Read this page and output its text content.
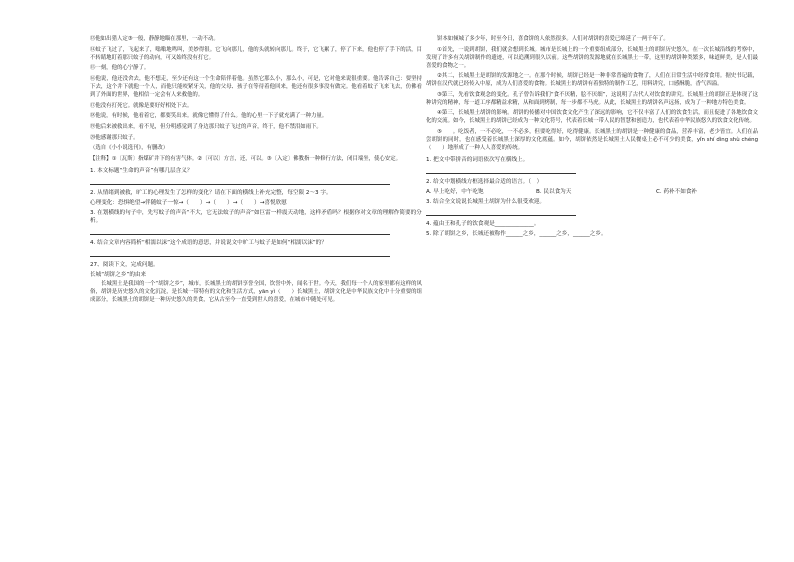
⑬他如出猎人定③一般，静静地瞄在那里，一动不动。

⑭蚊子飞过了，飞起来了，嗡嗡地鸣叫，美妙得很。它飞向那儿，他的头就转向那儿。终于，它飞累了，停了下来，他也停了手下的活，目不转睛地盯着那只蚊子的动向，可又始终没有打它。

⑮一刻，他的心宁静了。

⑯他说，他还没舍去，他不想走，至少还有这一个生命陪伴着他。虽然它那么小，那么小，可是，它对他来说很重要。他告诉自己：要坚持下去，这个井下就他一个人，而他只能咬紧牙关，他的父母、孩子在等待着他回来，他还有很多事没有做完。他看着蚊子飞来飞去，仿佛看到了外面的世界，他相信一定会有人来救他的。

⑰他没有打死它。就像是要好好相处下去。

⑱他说，有时候，他看着它，都要笑出来。就像它懂得了什么。他的心里一下子就充满了一种力量。

⑲他后来被救出来，看不见，但分明感觉到了身边那只蚊子飞过的声音，终于，他不禁泪如雨下。

⑳他感谢那只蚊子。

（选自《小小说选刊》，有删改）

【注释】①〔瓦斯〕指煤矿井下的有害气体。②〔可以〕方言，还，可以。③〔入定〕佛教指一种修行方法，闭目端坐，使心安定。

1. 本文标题“生命的声音”有哪几层含义？

2. 从情绪到被救，旷工的心理发生了怎样的变化？请在下面的横线上补充完整，每空限 2～3 字。

心理变化：恐惧绝望→伴随蚊子一惊→（　　）→（　　）→（　　）→喜悦欣慰

3. 在划横线的句子中，先写蚊子的声音“不大，它无法蚊子的声音”如巨雷一样震天动地，这样矛盾吗？根据你对文章的理解作简要的分析。

4. 结合文章内容简析“相濡以沫”这个成语的意思，并说说文中旷工与蚊子是如何“相濡以沫”的？

27、阅读下文，完成问题。

长城“胡饼之乡”的由来

长城黑土是我国的一个“胡饼之乡”，城市，长城黑土的胡饼享誉全国，饮誉中外，闻名于世。今天，我们每一个人的家里都有这样的风俗，胡饼是历史悠久的文化沉淀，是长城一带特有的文化和生活方式，yān yì（　　）长城黑土，胡饼文化是中华民族文化中十分重要的组成部分，长城黑土的胡饼是一种历史悠久的美食，它从古至今一直受到世人的喜爱，在城市中随处可见。

饼本如倾城了多少年，时至今日，喜食饼的人依然很多。人们对胡饼的喜爱已绵延了一两千年了。

①首先，一说到胡饼，我们就会想到长城。城市是长城上的一个重要组成部分，长城黑土的胡饼历史悠久。在一次长城沿线的考察中，发现了许多有关胡饼制作的遗迹，可以追溯到很久以前。这些胡饼的发源地就在长城黑土一带，这里的胡饼种类繁多，味道鲜美，是人们最喜爱的食物之一。

②其二，长城黑土是胡饼的发源地之一。在那个时候，胡饼已经是一种非常普遍的食物了，人们在日常生活中经常食用。据史书记载，胡饼在汉代就已经传入中原，成为人们喜爱的食物。长城黑土的胡饼有着独特的制作工艺，用料讲究，口感酥脆，香气四溢。

③第三，先看饮食观念的变化。孔子曾告诉我们“食不厌精，脍不厌细”，这说明了古代人对饮食的讲究。长城黑土的胡饼正是体现了这种讲究的精神，每一道工序都精益求精，从和面到烤制，每一步都不马虎。从此，长城黑土的胡饼名声远扬，成为了一种地方特色美食。

④第三，长城黑土胡饼的影响。胡饼的传播对中国饮食文化产生了深远的影响，它不仅丰富了人们的饮食生活，而且促进了各地饮食文化的交流。如今，长城黑土的胡饼已经成为一种文化符号，代表着长城一带人民的智慧和创造力，也代表着中华民族悠久的饮食文化传统。

⑤　　。吃饭者，一不必吃，一不必多，但要吃得好，吃得健康。长城黑土的胡饼是一种健康的食品，营养丰富，老少皆宜。人们在品尝胡饼的同时，也在感受着长城黑土深厚的文化底蕴。如今，胡饼依然是长城黑土人民餐桌上必不可少的美食，yǐn shí dìng shù chéng（　　）地形成了一种人人喜爱的传统。

1. 把文中带拼音的词语依次写在横线上。

2. 给文中划横线方框选择最合适的语言。（　）

A. 早上吃好，中午吃饱	B. 民以食为天	C. 药补不如食补

3. 结合全文说说长城黑土胡饼为什么很受欢迎。

4. 蕴由王和孔子的饮食观是______________。

5. 除了胡饼之乡，长城还被称作______之乡，______之乡，______之乡。
